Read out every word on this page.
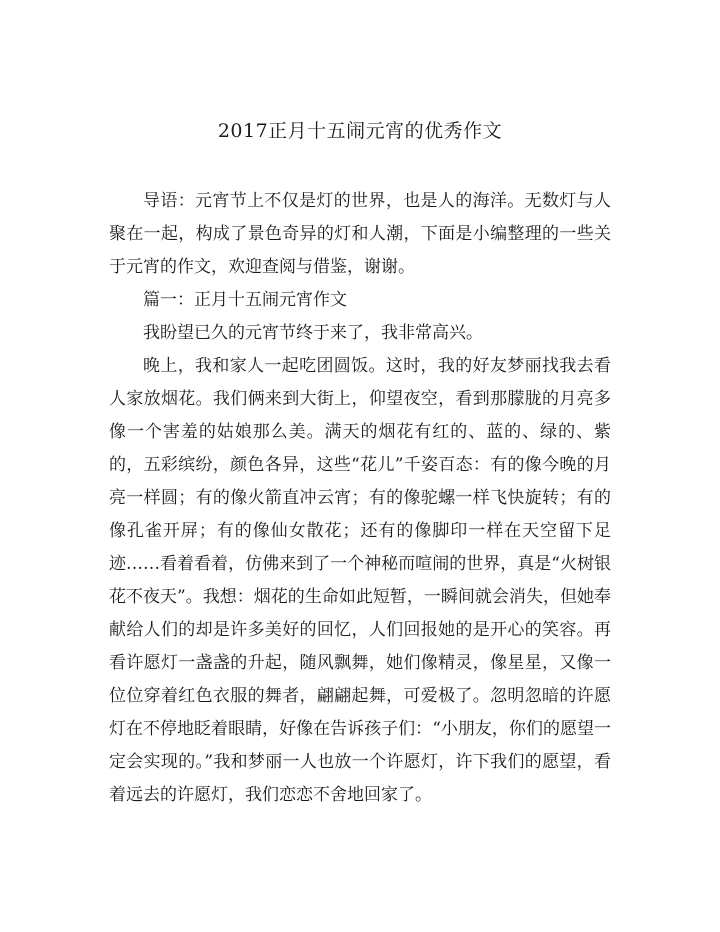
2017正月十五闹元宵的优秀作文

导语：元宵节上不仅是灯的世界，也是人的海洋。无数灯与人聚在一起，构成了景色奇异的灯和人潮，下面是小编整理的一些关于元宵的作文，欢迎查阅与借鉴，谢谢。

篇一：正月十五闹元宵作文

我盼望已久的元宵节终于来了，我非常高兴。

晚上，我和家人一起吃团圆饭。这时，我的好友梦丽找我去看人家放烟花。我们俩来到大街上，仰望夜空，看到那朦胧的月亮多像一个害羞的姑娘那么美。满天的烟花有红的、蓝的、绿的、紫的，五彩缤纷，颜色各异，这些“花儿”千姿百态：有的像今晚的月亮一样圆；有的像火箭直冲云宵；有的像驼螺一样飞快旋转；有的像孔雀开屏；有的像仙女散花；还有的像脚印一样在天空留下足迹……看着看着，仿佛来到了一个神秘而喧闹的世界，真是“火树银花不夜天”。我想：烟花的生命如此短暂，一瞬间就会消失，但她奉献给人们的却是许多美好的回忆，人们回报她的是开心的笑容。再看许愿灯一盏盏的升起，随风飘舞，她们像精灵，像星星，又像一位位穿着红色衣服的舞者，翩翩起舞，可爱极了。忽明忽暗的许愿灯在不停地眨着眼睛，好像在告诉孩子们：“小朋友，你们的愿望一定会实现的。”我和梦丽一人也放一个许愿灯，许下我们的愿望，看着远去的许愿灯，我们恋恋不舍地回家了。
